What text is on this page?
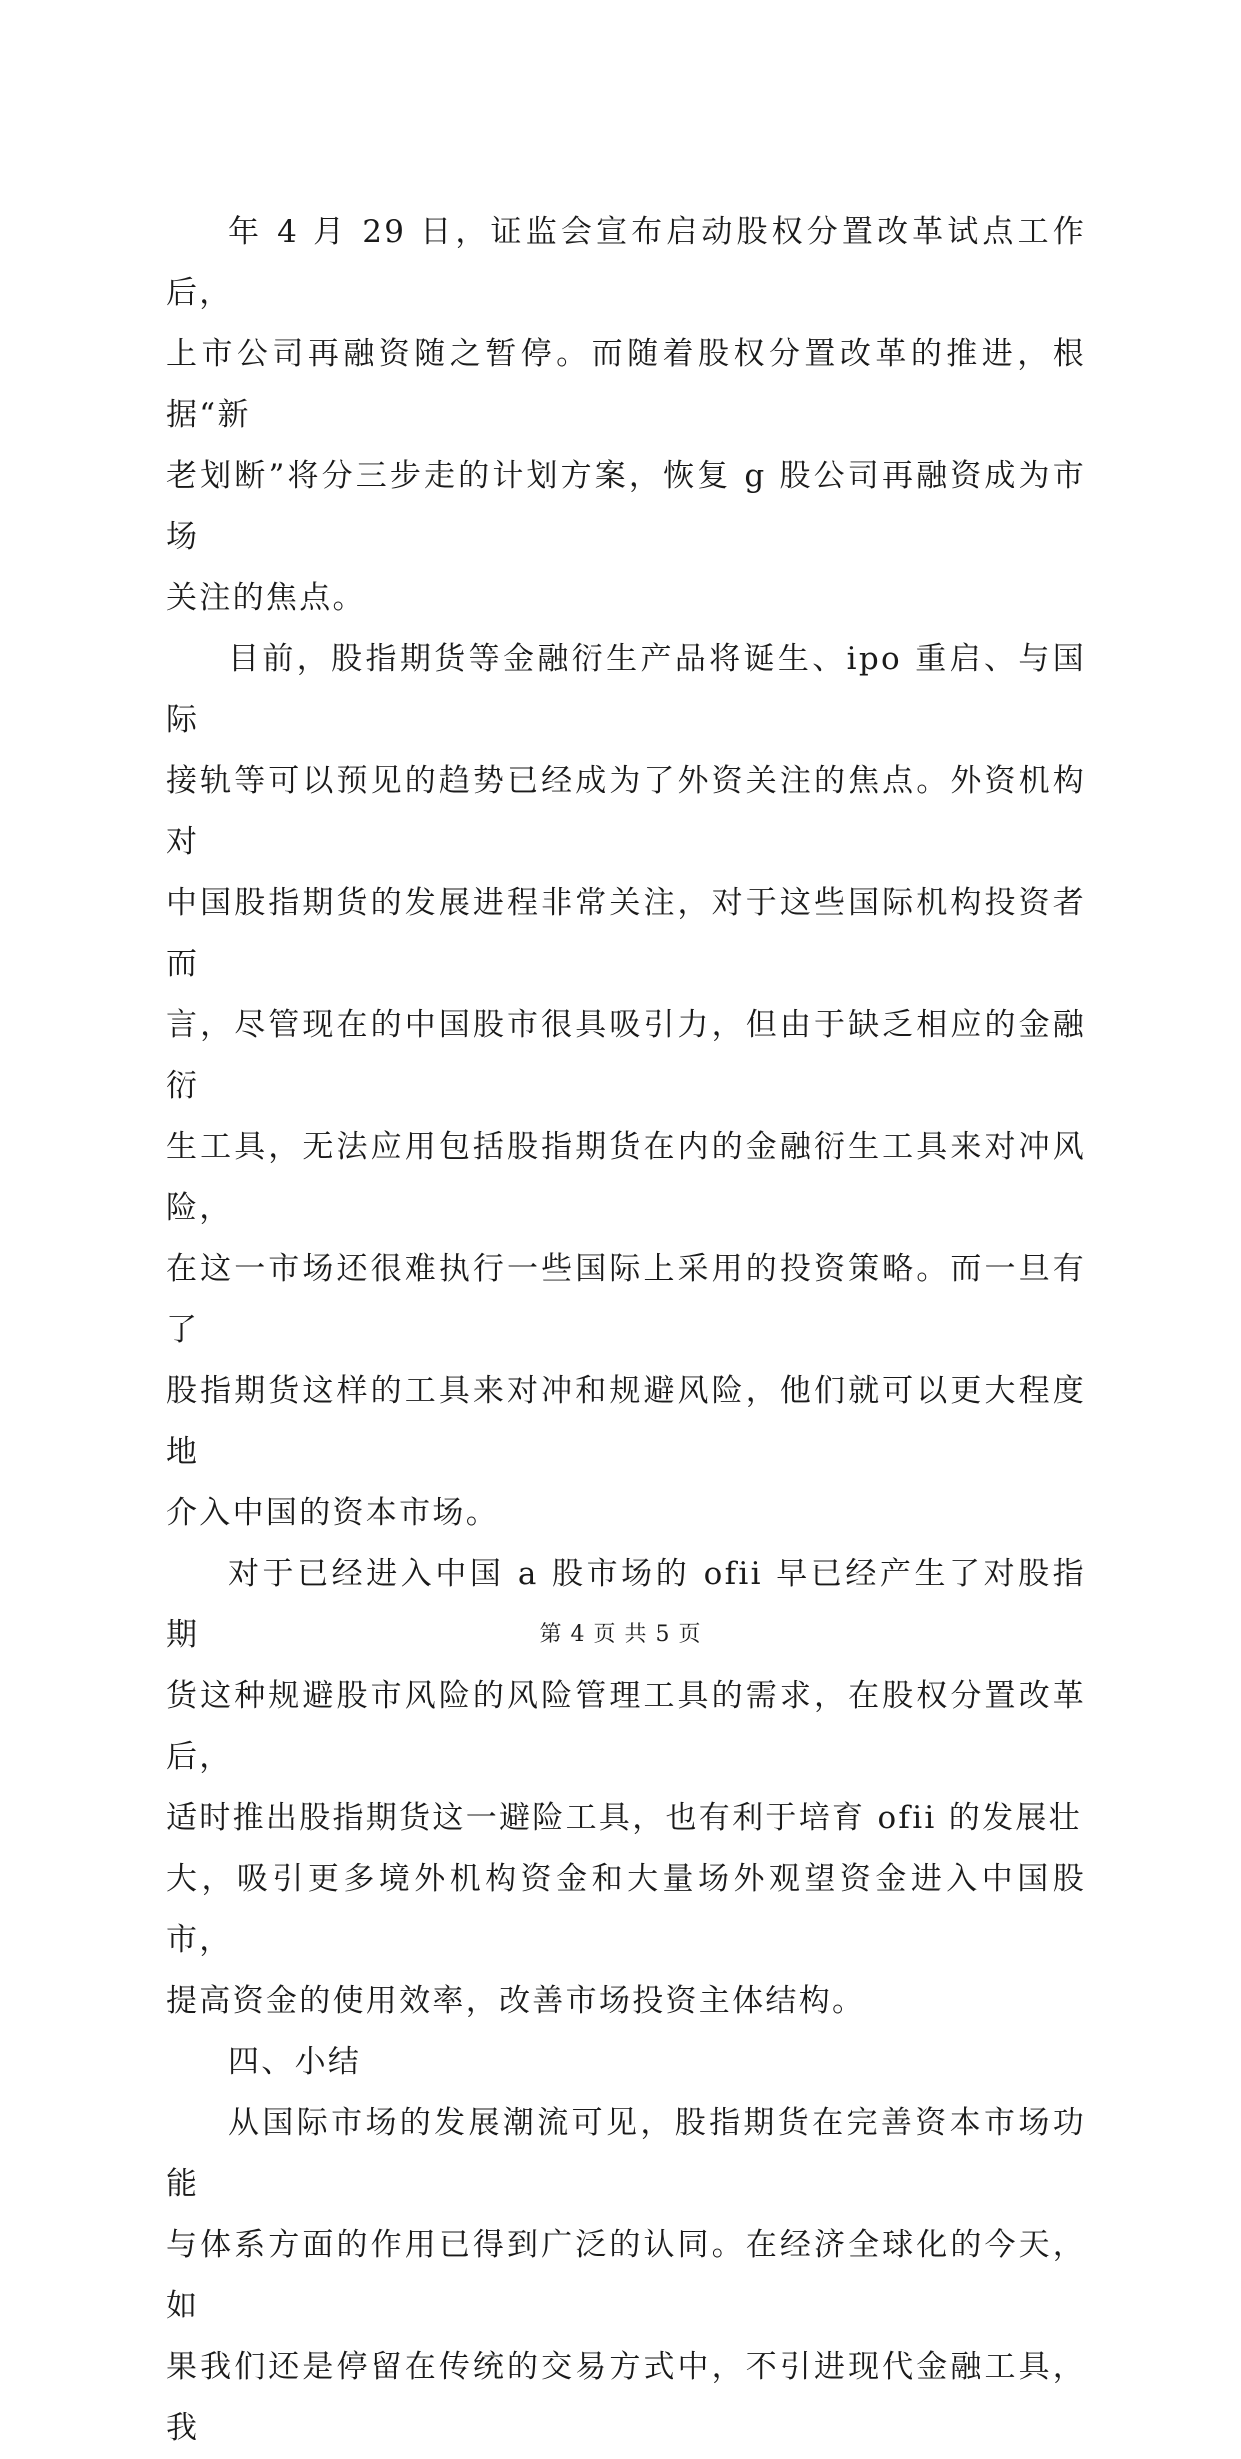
年 4 月 29 日，证监会宣布启动股权分置改革试点工作后，
上市公司再融资随之暂停。而随着股权分置改革的推进，根据“新
老划断”将分三步走的计划方案，恢复 g 股公司再融资成为市场
关注的焦点。

目前，股指期货等金融衍生产品将诞生、ipo 重启、与国际
接轨等可以预见的趋势已经成为了外资关注的焦点。外资机构对
中国股指期货的发展进程非常关注，对于这些国际机构投资者而
言，尽管现在的中国股市很具吸引力，但由于缺乏相应的金融衍
生工具，无法应用包括股指期货在内的金融衍生工具来对冲风险，
在这一市场还很难执行一些国际上采用的投资策略。而一旦有了
股指期货这样的工具来对冲和规避风险，他们就可以更大程度地
介入中国的资本市场。

对于已经进入中国 a 股市场的 ofii 早已经产生了对股指期
货这种规避股市风险的风险管理工具的需求，在股权分置改革后，
适时推出股指期货这一避险工具，也有利于培育 ofii 的发展壮
大，吸引更多境外机构资金和大量场外观望资金进入中国股市，
提高资金的使用效率，改善市场投资主体结构。

四、小结

从国际市场的发展潮流可见，股指期货在完善资本市场功能
与体系方面的作用已得到广泛的认同。在经济全球化的今天，如
果我们还是停留在传统的交易方式中，不引进现代金融工具，我

第 4 页 共 5 页
